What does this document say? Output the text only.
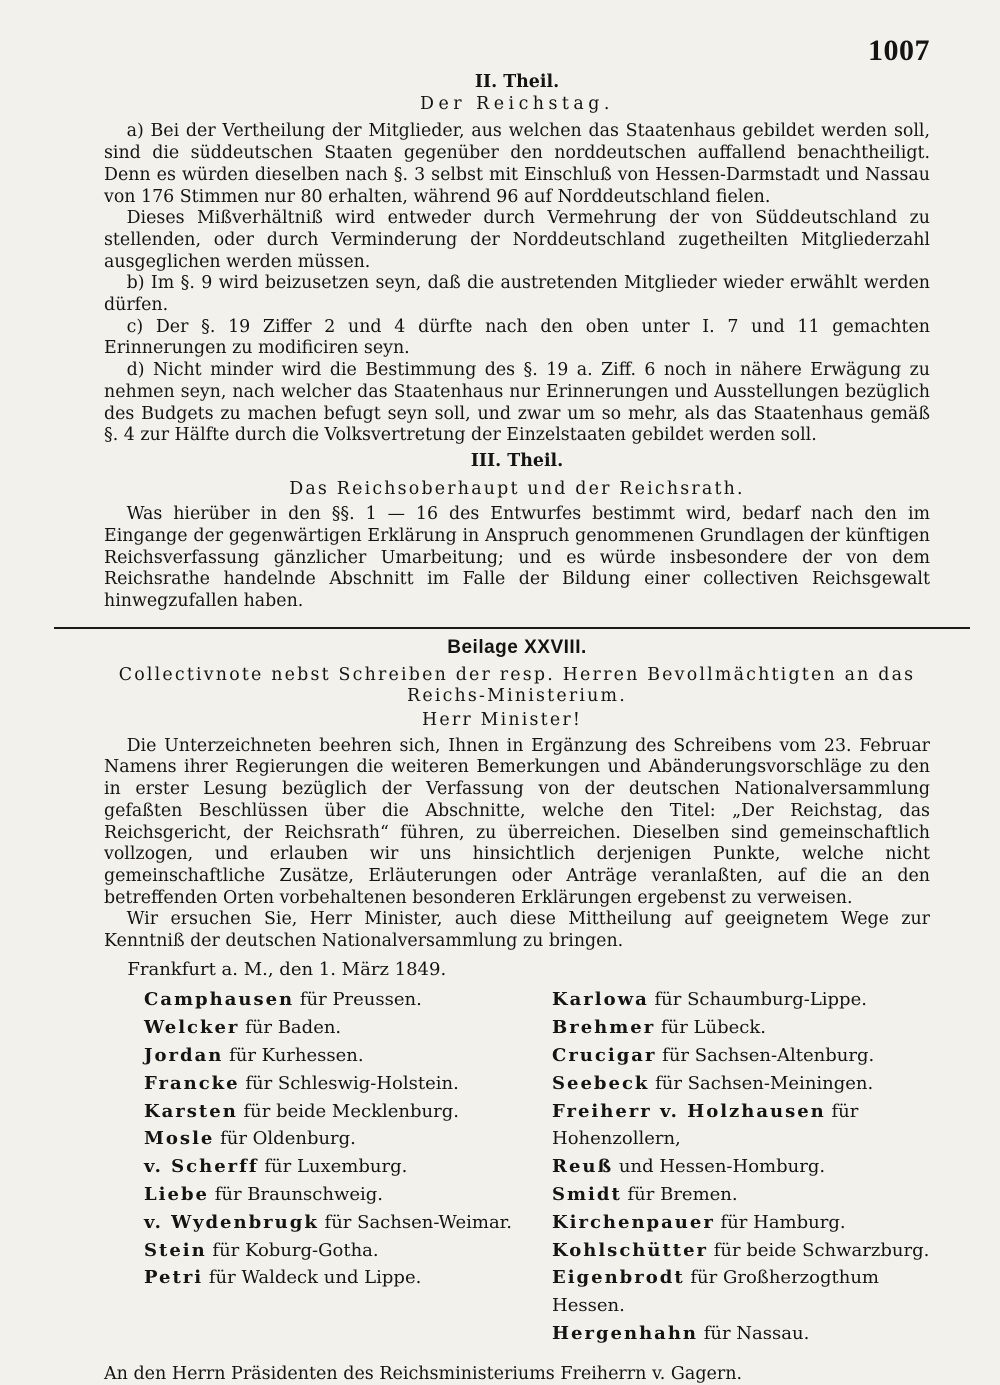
1007
II. Theil.
Der Reichstag.

a) Bei der Vertheilung der Mitglieder, aus welchen das Staatenhaus gebildet werden soll, sind die süddeutschen Staaten gegenüber den norddeutschen auffallend benachtheiligt. Denn es würden dieselben nach §. 3 selbst mit Einschluß von Hessen-Darmstadt und Nassau von 176 Stimmen nur 80 erhalten, während 96 auf Norddeutschland fielen.

Dieses Mißverhältniß wird entweder durch Vermehrung der von Süddeutschland zu stellenden, oder durch Verminderung der Norddeutschland zugetheilten Mitgliederzahl ausgeglichen werden müssen.

b) Im §. 9 wird beizusetzen seyn, daß die austretenden Mitglieder wieder erwählt werden dürfen.

c) Der §. 19 Ziffer 2 und 4 dürfte nach den oben unter I. 7 und 11 gemachten Erinnerungen zu modificiren seyn.

d) Nicht minder wird die Bestimmung des §. 19 a. Ziff. 6 noch in nähere Erwägung zu nehmen seyn, nach welcher das Staatenhaus nur Erinnerungen und Ausstellungen bezüglich des Budgets zu machen befugt seyn soll, und zwar um so mehr, als das Staatenhaus gemäß §. 4 zur Hälfte durch die Volksvertretung der Einzelstaaten gebildet werden soll.

III. Theil.
Das Reichsoberhaupt und der Reichsrath.

Was hierüber in den §§. 1 — 16 des Entwurfes bestimmt wird, bedarf nach den im Eingange der gegenwärtigen Erklärung in Anspruch genommenen Grundlagen der künftigen Reichsverfassung gänzlicher Umarbeitung; und es würde insbesondere der von dem Reichsrathe handelnde Abschnitt im Falle der Bildung einer collectiven Reichsgewalt hinwegzufallen haben.

Beilage XXVIII.
Collectivnote nebst Schreiben der resp. Herren Bevollmächtigten an das Reichs-Ministerium.
Herr Minister!

Die Unterzeichneten beehren sich, Ihnen in Ergänzung des Schreibens vom 23. Februar Namens ihrer Regierungen die weiteren Bemerkungen und Abänderungsvorschläge zu den in erster Lesung bezüglich der Verfassung von der deutschen Nationalversammlung gefaßten Beschlüssen über die Abschnitte, welche den Titel: „Der Reichstag, das Reichsgericht, der Reichsrath“ führen, zu überreichen. Dieselben sind gemeinschaftlich vollzogen, und erlauben wir uns hinsichtlich derjenigen Punkte, welche nicht gemeinschaftliche Zusätze, Erläuterungen oder Anträge veranlaßten, auf die an den betreffenden Orten vorbehaltenen besonderen Erklärungen ergebenst zu verweisen.

Wir ersuchen Sie, Herr Minister, auch diese Mittheilung auf geeignetem Wege zur Kenntniß der deutschen Nationalversammlung zu bringen.

Frankfurt a. M., den 1. März 1849.

Camphausen für Preussen.
Welcker für Baden.
Jordan für Kurhessen.
Francke für Schleswig-Holstein.
Karsten für beide Mecklenburg.
Mosle für Oldenburg.
v. Scherff für Luxemburg.
Liebe für Braunschweig.
v. Wydenbrugk für Sachsen-Weimar.
Stein für Koburg-Gotha.
Petri für Waldeck und Lippe.
Karlowa für Schaumburg-Lippe.
Brehmer für Lübeck.
Crucigar für Sachsen-Altenburg.
Seebeck für Sachsen-Meiningen.
Freiherr v. Holzhausen für Hohenzollern,
Reuß und Hessen-Homburg.
Smidt für Bremen.
Kirchenpauer für Hamburg.
Kohlschütter für beide Schwarzburg.
Eigenbrodt für Großherzogthum Hessen.
Hergenhahn für Nassau.

An den Herrn Präsidenten des Reichsministeriums Freiherrn v. Gagern.
